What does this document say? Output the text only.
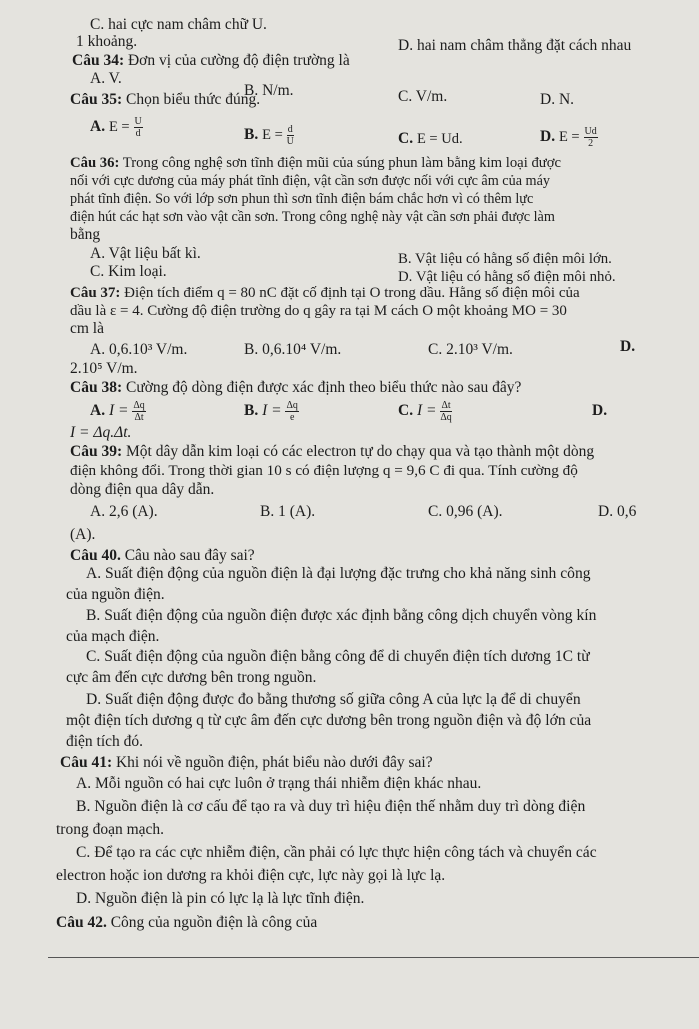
C. hai cực nam châm chữ U.
1 khoảng.	D. hai nam châm thẳng đặt cách nhau
Câu 34: Đơn vị của cường độ điện trường là
A. V.
B. N/m.	C. V/m.	D. N.
Câu 35: Chọn biểu thức đúng.
A. $E = \frac{U}{d}$	B. $E = \frac{d}{U}$	C. E = Ud.	D. $E = \frac{Ud}{2}$
Câu 36: Trong công nghệ sơn tĩnh điện mũi của súng phun làm bằng kim loại được
nối với cực dương của máy phát tĩnh điện, vật cần sơn được nối với cực âm của máy
phát tĩnh điện. So với lớp sơn phun thì sơn tĩnh điện bám chắc hơn vì có thêm lực
điện hút các hạt sơn vào vật cần sơn. Trong công nghệ này vật cần sơn phải được làm
bằng
A. Vật liệu bất kì.	B. Vật liệu có hằng số điện môi lớn.
C. Kim loại.	D. Vật liệu có hằng số điện môi nhỏ.
Câu 37: Điện tích điểm q = 80 nC đặt cố định tại O trong dầu. Hằng số điện môi của
dầu là ε = 4. Cường độ điện trường do q gây ra tại M cách O một khoảng MO = 30
cm là
A. 0,6.10³ V/m.	B. 0,6.10⁴ V/m.	C. 2.10³ V/m.	D.
2.10⁵ V/m.
Câu 38: Cường độ dòng điện được xác định theo biểu thức nào sau đây?
A. $I = \frac{\Delta q}{\Delta t}$	B. $I = \frac{\Delta q}{e}$	C. $I = \frac{\Delta t}{\Delta q}$	D.
I = Δq.Δt.
Câu 39: Một dây dẫn kim loại có các electron tự do chạy qua và tạo thành một dòng
điện không đổi. Trong thời gian 10 s có điện lượng q = 9,6 C đi qua. Tính cường độ
dòng điện qua dây dẫn.
A. 2,6 (A).	B. 1 (A).	C. 0,96 (A).	D. 0,6
(A).
Câu 40. Câu nào sau đây sai?
A. Suất điện động của nguồn điện là đại lượng đặc trưng cho khả năng sinh công
của nguồn điện.
B. Suất điện động của nguồn điện được xác định bằng công dịch chuyển vòng kín
của mạch điện.
C. Suất điện động của nguồn điện bằng công để di chuyển điện tích dương 1C từ
cực âm đến cực dương bên trong nguồn.
D. Suất điện động được đo bằng thương số giữa công A của lực lạ để di chuyển
một điện tích dương q từ cực âm đến cực dương bên trong nguồn điện và độ lớn của
điện tích đó.
Câu 41: Khi nói về nguồn điện, phát biểu nào dưới đây sai?
A. Mỗi nguồn có hai cực luôn ở trạng thái nhiễm điện khác nhau.
B. Nguồn điện là cơ cấu để tạo ra và duy trì hiệu điện thế nhằm duy trì dòng điện
trong đoạn mạch.
C. Để tạo ra các cực nhiễm điện, cần phải có lực thực hiện công tách và chuyển các
electron hoặc ion dương ra khỏi điện cực, lực này gọi là lực lạ.
D. Nguồn điện là pin có lực lạ là lực tĩnh điện.
Câu 42. Công của nguồn điện là công của
